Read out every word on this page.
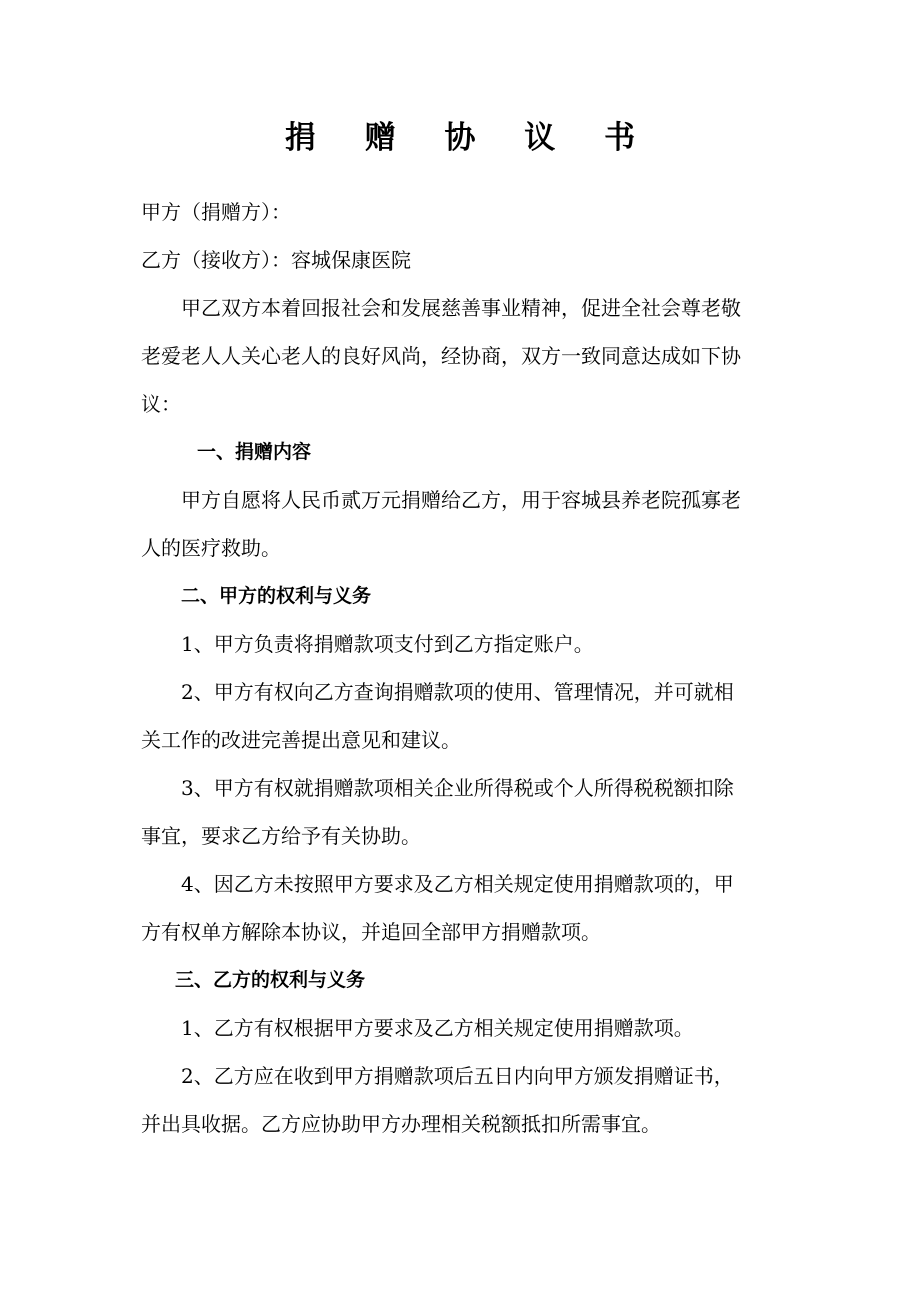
捐 赠 协 议 书
甲方（捐赠方）：
乙方（接收方）：容城保康医院
甲乙双方本着回报社会和发展慈善事业精神，促进全社会尊老敬
老爱老人人关心老人的良好风尚，经协商，双方一致同意达成如下协
议：
一、捐赠内容
甲方自愿将人民币贰万元捐赠给乙方，用于容城县养老院孤寡老
人的医疗救助。
二、甲方的权利与义务
1、甲方负责将捐赠款项支付到乙方指定账户。
2、甲方有权向乙方查询捐赠款项的使用、管理情况，并可就相
关工作的改进完善提出意见和建议。
3、甲方有权就捐赠款项相关企业所得税或个人所得税税额扣除
事宜，要求乙方给予有关协助。
4、因乙方未按照甲方要求及乙方相关规定使用捐赠款项的，甲
方有权单方解除本协议，并追回全部甲方捐赠款项。
三、乙方的权利与义务
1、乙方有权根据甲方要求及乙方相关规定使用捐赠款项。
2、乙方应在收到甲方捐赠款项后五日内向甲方颁发捐赠证书，
并出具收据。乙方应协助甲方办理相关税额抵扣所需事宜。
